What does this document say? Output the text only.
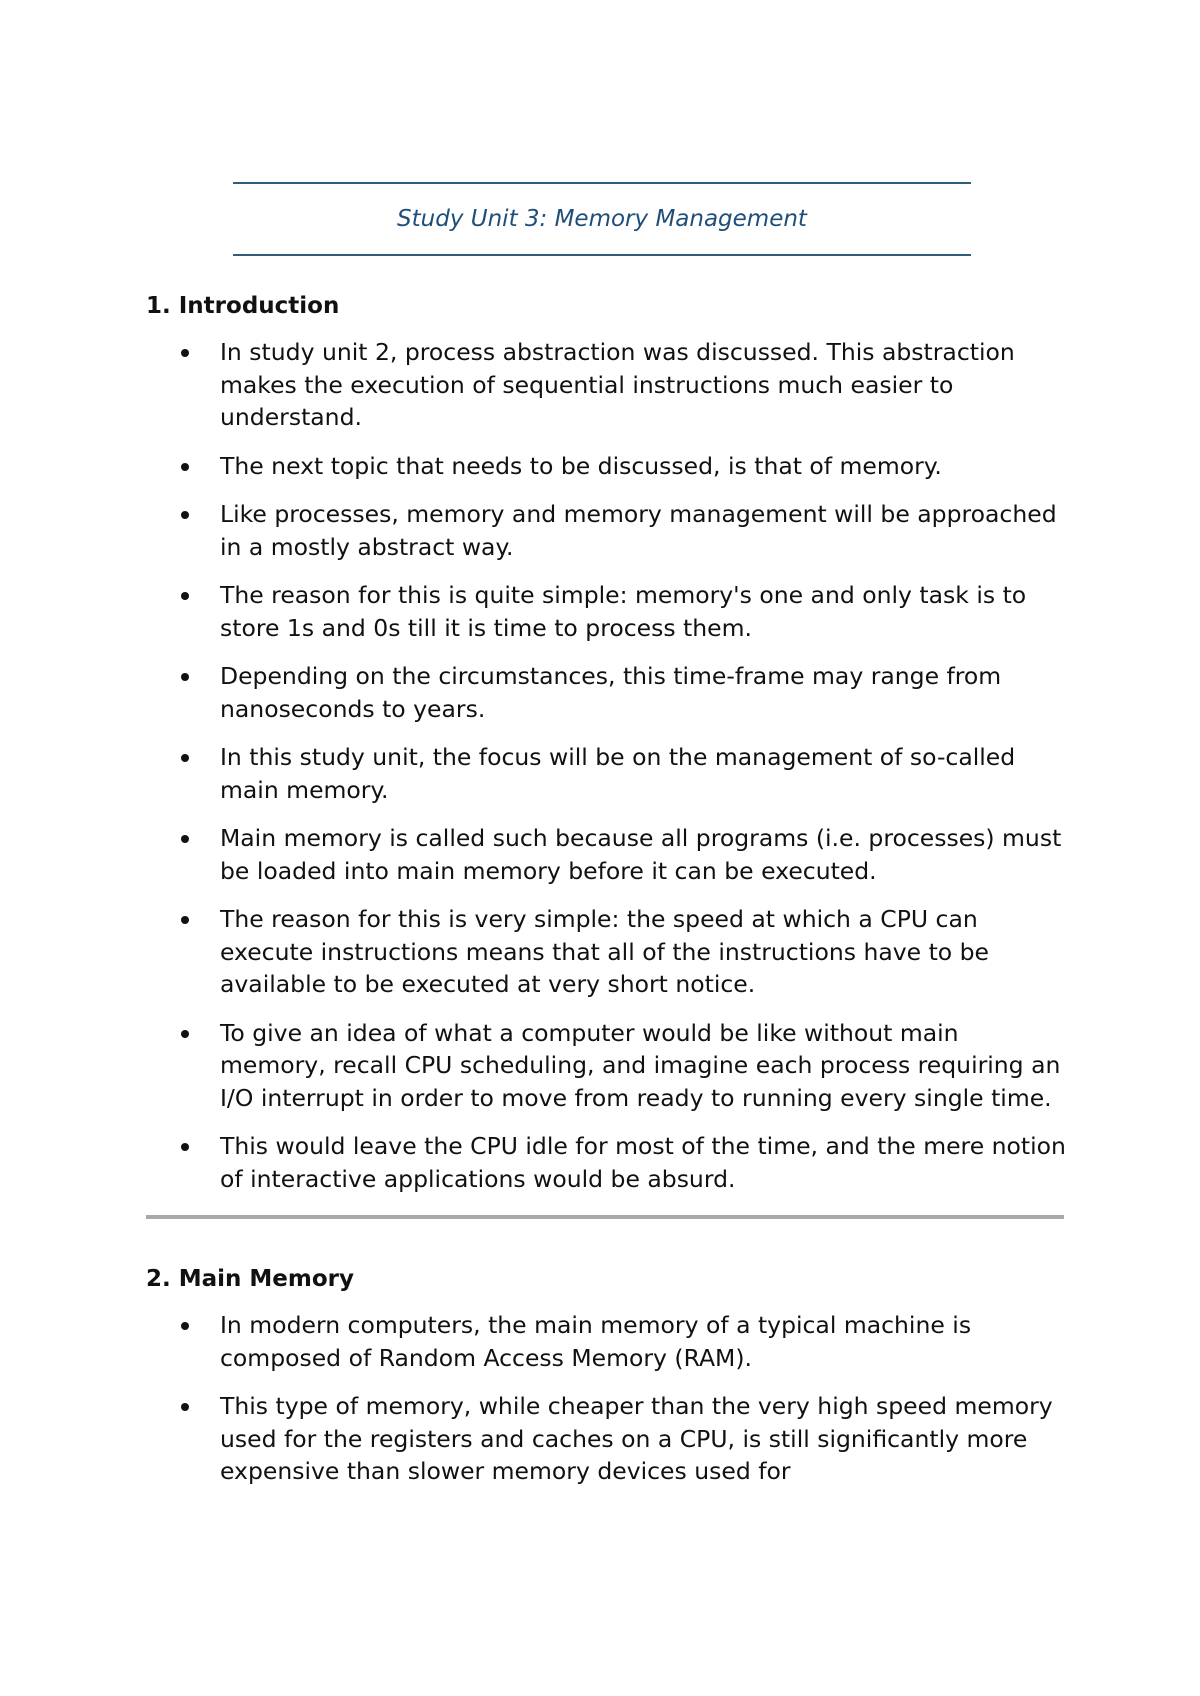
Study Unit 3: Memory Management
1. Introduction
In study unit 2, process abstraction was discussed. This abstraction makes the execution of sequential instructions much easier to understand.
The next topic that needs to be discussed, is that of memory.
Like processes, memory and memory management will be approached in a mostly abstract way.
The reason for this is quite simple: memory's one and only task is to store 1s and 0s till it is time to process them.
Depending on the circumstances, this time-frame may range from nanoseconds to years.
In this study unit, the focus will be on the management of so-called main memory.
Main memory is called such because all programs (i.e. processes) must be loaded into main memory before it can be executed.
The reason for this is very simple: the speed at which a CPU can execute instructions means that all of the instructions have to be available to be executed at very short notice.
To give an idea of what a computer would be like without main memory, recall CPU scheduling, and imagine each process requiring an I/O interrupt in order to move from ready to running every single time.
This would leave the CPU idle for most of the time, and the mere notion of interactive applications would be absurd.
2. Main Memory
In modern computers, the main memory of a typical machine is composed of Random Access Memory (RAM).
This type of memory, while cheaper than the very high speed memory used for the registers and caches on a CPU, is still significantly more expensive than slower memory devices used for
